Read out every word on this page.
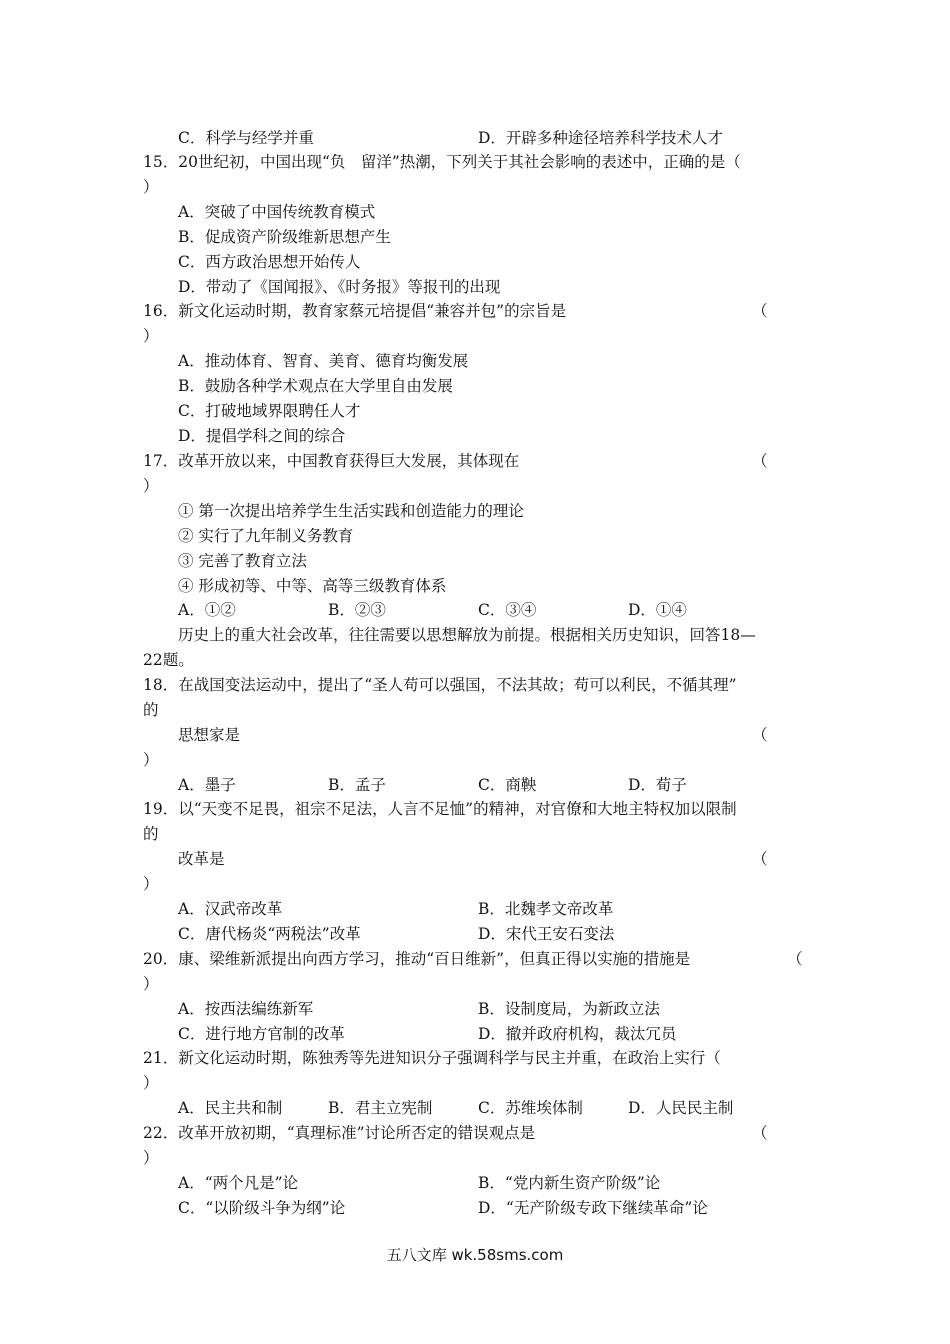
C．科学与经学并重	D．开辟多种途径培养科学技术人才
15．20世纪初，中国出现“负　留洋”热潮，下列关于其社会影响的表述中，正确的是（
）
A．突破了中国传统教育模式
B．促成资产阶级维新思想产生
C．西方政治思想开始传人
D．带动了《国闻报》、《时务报》等报刊的出现
16．新文化运动时期，教育家蔡元培提倡“兼容并包”的宗旨是	（
）
A．推动体育、智育、美育、德育均衡发展
B．鼓励各种学术观点在大学里自由发展
C．打破地域界限聘任人才
D．提倡学科之间的综合
17．改革开放以来，中国教育获得巨大发展，其体现在	（
）
① 第一次提出培养学生生活实践和创造能力的理论
② 实行了九年制义务教育
③ 完善了教育立法
④ 形成初等、中等、高等三级教育体系
A．①②	B．②③	C．③④	D．①④
历史上的重大社会改革，往往需要以思想解放为前提。根据相关历史知识，回答18—
22题。
18．在战国变法运动中，提出了“圣人苟可以强国，不法其故；苟可以利民，不循其理”
的
思想家是	（
）
A．墨子	B．孟子	C．商鞅	D．荀子
19．以“天变不足畏，祖宗不足法，人言不足恤”的精神，对官僚和大地主特权加以限制
的
改革是	（
）
A．汉武帝改革	B．北魏孝文帝改革
C．唐代杨炎“两税法”改革	D．宋代王安石变法
20．康、梁维新派提出向西方学习，推动“百日维新”，但真正得以实施的措施是	（
）
A．按西法编练新军	B．设制度局，为新政立法
C．进行地方官制的改革	D．撤并政府机构，裁汰冗员
21．新文化运动时期，陈独秀等先进知识分子强调科学与民主并重，在政治上实行（
）
A．民主共和制	B．君主立宪制	C．苏维埃体制	D．人民民主制
22．改革开放初期，“真理标准”讨论所否定的错误观点是	（
）
A．“两个凡是”论	B．“党内新生资产阶级”论
C．“以阶级斗争为纲”论	D．“无产阶级专政下继续革命”论
五八文库 wk.58sms.com
